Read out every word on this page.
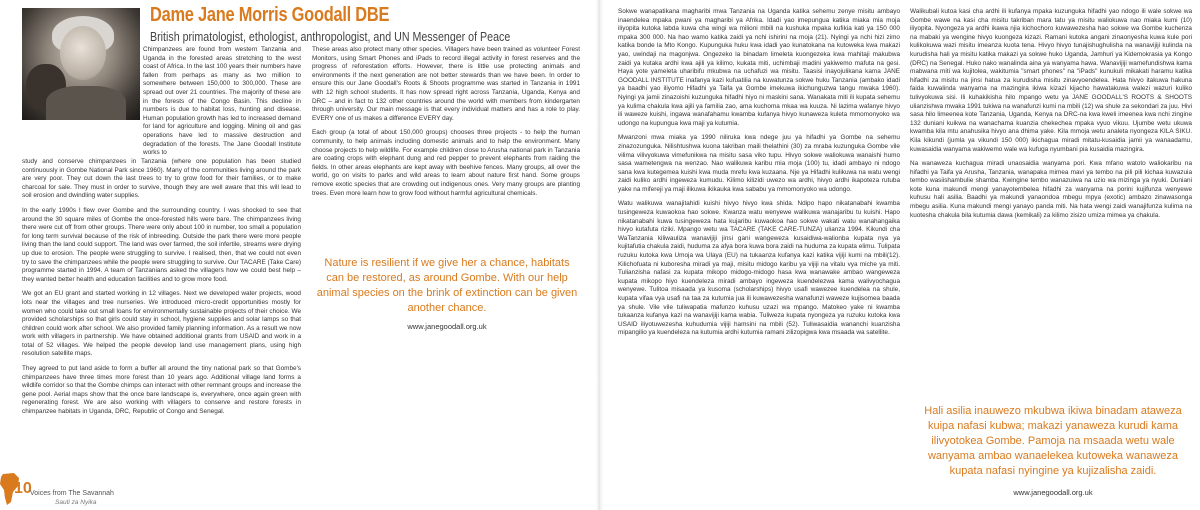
Dame Jane Morris Goodall DBE

British primatologist, ethologist, anthropologist, and UN Messenger of Peace

Chimpanzees are found from western Tanzania and Uganda in the forested areas stretching to the west coast of Africa. In the last 100 years their numbers have fallen from perhaps as many as two million to somewhere between 150,000 to 300,000. These are spread out over 21 countries. The majority of these are in the forests of the Congo Basin. This decline in numbers is due to habitat loss, hunting and disease. Human population growth has led to increased demand for land for agriculture and logging. Mining oil and gas operations have led to massive destruction and degradation of the forests. The Jane Goodall Institute works to

study and conserve chimpanzees in Tanzania (where one population has been studied continuously in Gombe National Park since 1960). Many of the communities living around the park are very poor. They cut down the last trees to try to grow food for their families, or to make charcoal for sale. They must in order to survive, though they are well aware that this will lead to soil erosion and dwindling water supplies.

In the early 1990s I flew over Gombe and the surrounding country. I was shocked to see that around the 30 square miles of Gombe the once-forested hills were bare. The chimpanzees living there were cut off from other groups. There were only about 100 in number, too small a population for long term survival because of the risk of inbreeding. Outside the park there were more people living than the land could support. The land was over farmed, the soil infertile, streams were drying up due to erosion. The people were struggling to survive. I realised, then, that we could not even try to save the chimpanzees while the people were struggling to survive. Our TACARE (Take Care) programme started in 1994. A team of Tanzanians asked the villagers how we could best help – they wanted better health and education facilities and to grow more food.

We got an EU grant and started working in 12 villages. Next we developed water projects, wood lots near the villages and tree nurseries. We introduced micro-credit opportunities mostly for women who could take out small loans for environmentally sustainable projects of their choice. We provided scholarships so that girls could stay in school, hygiene supplies and solar lamps so that children could work after school. We also provided family planning information. As a result we now work with villagers in partnership. We have obtained additional grants from USAID and work in a total of 52 villages. We helped the people develop land use management plans, using high resolution satellite maps.

They agreed to put land aside to form a buffer all around the tiny national park so that Gombe's chimpanzees have three times more forest than 10 years ago. Additional village land forms a wildlife corridor so that the Gombe chimps can interact with other remnant groups and increase the gene pool. Aerial maps show that the once bare landscape is, everywhere, once again green with regenerating forest. We are also working with villagers to conserve and restore forests in chimpanzee habitats in Uganda, DRC, Republic of Congo and Senegal.

These areas also protect many other species. Villagers have been trained as volunteer Forest Monitors, using Smart Phones and iPads to record illegal activity in forest reserves and the progress of reforestation efforts. However, there is little use protecting animals and environments if the next generation are not better stewards than we have been. In order to ensure this our Jane Goodall's Roots & Shoots programme was started in Tanzania in 1991 with 12 high school students. It has now spread right across Tanzania, Uganda, Kenya and DRC – and in fact to 132 other countries around the world with members from kindergarten through university. Our main message is that every individual matters and has a role to play. EVERY one of us makes a difference EVERY day.

Each group (a total of about 150,000 groups) chooses three projects - to help the human community, to help animals including domestic animals and to help the environment. Many choose projects to help wildlife. For example children close to Arusha national park in Tanzania are coating crops with elephant dung and red pepper to prevent elephants from raiding the fields. In other areas elephants are kept away with beehive fences. Many groups, all over the world, go on visits to parks and wild areas to learn about nature first hand. Some groups remove exotic species that are crowding out indigenous ones. Very many groups are planting trees. Even more learn how to grow food without harmful agricultural chemicals.

Nature is resilient if we give her a chance, habitats can be restored, as around Gombe. With our help animal species on the brink of extinction can be given another chance.

www.janegoodall.org.uk

10
Voices from The Savannah
Sauti za Nyika

Sokwe wanapatikana magharibi mwa Tanzania na Uganda katika sehemu zenye misitu ambayo inaendelea mpaka pwani ya magharibi ya Afrika. Idadi yao imepungua katika miaka mia moja iliyopita kutoka labda kuwa cha wingi wa milioni mbili na kushuka mpaka kufikia kati ya 150 000 mpaka 300 000. Na hao wamo katika zaidi ya nchi ishirini na moja (21). Nyingi ya nchi hizi zimo katika bonde la Mto Kongo. Kupunguka huku kwa idadi yao kunatokana na kutoweka kwa makazi yao, uwindaji na magonjwa. Ongezeko la binadam limeleta kuongezeka kwa mahitaji makubwa zaidi ya kutaka ardhi kwa ajili ya kilimo, kukata miti, uchimbaji madini yakiwemo mafuta na gesi. Haya yote yameleta uharibifu mkubwa na uchafuzi wa misitu. Taasisi inayojulikana kama JANE GOODALL INSTITUTE inafanya kazi kufuatilia na kuwatunza sokwe huku Tanzania (ambako idadi ya baadhi yao iliyomo Hifadhi ya Taifa ya Gombe imekuwa ikichunguzwa tangu mwaka 1960). Nyingi ya jamii zinazoishi kuzunguka hifadhi hiyo ni maskini sana. Wanakata miti ili kupata sehemu ya kulima chakula kwa ajili ya familia zao, ama kuchoma mkaa wa kuuza. Ni lazima wafanye hivyo ili waweze kuishi, ingawa wanafahamu kwamba kufanya hivyo kunaweza kuleta mmomonyoko wa udongo na kupungua kwa maji ya kutumia.

Mwanzoni mwa miaka ya 1990 niliruka kwa ndege juu ya hifadhi ya Gombe na sehemu zinazozunguka. Nilishtushwa kuona takriban maili thelathini (30) za mraba kuzunguka Gombe vile vilima vilivyokuwa vimefunikwa na misitu sasa viko tupu. Hivyo sokwe waliokuwa wanaishi humo sasa wametengwa na wenzao. Nao walikuwa karibu mia moja (100) tu, idadi ambayo ni ndogo sana kwa kutegemea kuishi kwa muda mrefu kwa kuzaana. Nje ya Hifadhi kulikuwa na watu wengi zaidi kuliko ardhi ingeweza kumudu. Kilimo kilizidi uwezo wa ardhi, hivyo ardhi ikapoteza rutuba yake na mifereji ya maji ilikuwa ikikauka kwa sababu ya mmomonyoko wa udongo.

Watu walikuwa wanajitahidi kuishi hivyo hivyo kwa shida. Ndipo hapo nikatanabahi kwamba tusingeweza kuwaokoa hao sokwe. Kwanza watu wenyewe walikuwa wanajaribu tu kuishi. Hapo nikatanabahi kuwa tusingeweza hata kujaribu kuwaokoa hao sokwe wakati watu wanahangaika hivyo kutafuta riziki. Mpango wetu wa TACARE (TAKE CARE-TUNZA) ulianza 1994. Kikundi cha WaTanzania kiliwauliza wanavijiji jinsi gani wangeweza kusaidiwa-walionba kupata nya ya kujitafutia chakula zaidi, huduma za afya bora kuwa bora zaidi na huduma za kupata elimu. Tulipata ruzuku kutoka kwa Umoja wa Ulaya (EU) na tukaanza kufanya kazi katika vijiji kumi na mbili(12). Kilichofuata ni kuboresha miradi ya maji, misitu midogo karibu ya vijiji na vitalu vya miche ya miti. Tulianzisha nafasi za kupata mikopo midogo-midogo hasa kwa wanawake ambao wangeweza kupata mikopo hiyo kuendeleza miradi ambayo ingeweza kuendelezwa kama walivyochagua wenyewe. Tulitoa misaada ya kusoma (scholarships) hivyo usafi wawezee kuendelea na shule, kupata vifaa vya usafi na taa za kutumia jua ili kuwawezesha wanafunzi waweze kujisomea baada ya shule. Vile vile tuliwapatia mafunzo kuhusu uzazi wa mpango. Matokeo yake ni kwamba tukaanza kufanya kazi na wanavijiji kama wabia. Tuliweza kupata nyongeza ya ruzuku kutoka kwa USAID iliyotuwezesha kuhudumia vijiji hamsini na mbili (52). Tuliwasaidia wananchi kuanzisha mipangilio ya kuendeleza na kutumia ardhi kutumia ramani zilizopigwa kwa msaada wa satellite.

Walikubali kutoa kasi cha ardhi ili kufanya mpaka kuzunguka hifadhi yao ndogo ili wale sokwe wa Gombe wawe na kasi cha misitu takriban mara tatu ya misitu waliokuwa nao miaka kumi (10) iliyopita. Nyongeza ya ardhi ikawa njia kichochoro kuwawezesha hao sokwe wa Gombe kuchenza na mabaki ya wengine hivyo kuongeza kizazi. Ramani kutoka angani zinaonyesha kuwa kule pori kulikokuwa wazi misitu imeanza kuota tena. Hivyo hivyo tunajishughulisha na wanavijiji kulinda na kurudisha hali ya misitu katika makazi ya sokwe huko Uganda, Jamhuri ya Kidemokrasia ya Kongo (DRC) na Senegal. Huko nako wanalinda aina ya wanyama hawa. Wanavijiji wamefundishwa kama mabwana miti wa kujitolea, wakitumia "smart phones" na "iPads" kunukuli mikakati haramu katika hifadhi za misitu na jinsi hatua za kurudisha misitu zinavyoendelea. Hata hivyo itakuwa hakuna faida kuwalinda wanyama na mazingira ikiwa kizazi kijacho hawatakuwa walezi wazuri kuliko tulivyokuwa sisi. Ili kuhakikisha hilo mpango wetu ya JANE GOODALL'S ROOTS & SHOOTS ulianzishwa mwaka 1991 tukiwa na wanafunzi kumi na mbili (12) wa shule za sekondari za juu. Hivi sasa hilo limeenea kote Tanzania, Uganda, Kenya na DRC-na kwa kweli imeenea kwa nchi zingine 132 duniani kuikwa na wanachama kuanzia chekechea mpaka vyuo vikuu. Ujumbe wetu ukuwa kwamba kila mtu anahusika hivyo ana dhima yake. Kila mmoja wetu analeta nyongeza KILA SIKU. Kila kikundi (jumla ya vikundi 150 000) ikichagua miradi mitatu-kusaidia jamii ya wanaadamu, kuwasaidia wanyama wakiwemo wale wa kufuga nyumbani pia kusaidia mazingira.

Na wanaweza kuchagua miradi unaosaidia wanyama pori. Kwa mfano watoto waliokaribu na hifadhi ya Taifa ya Arusha, Tanzania, wanapaka mimea mavi ya tembo na pili pili kichaa kuwazuia tembo wasiishambulie shamba. Kwingine tembo wanazuiwa na uzio wa mizinga ya nyuki. Duniani kote kuna makundi mengi yanayotembelea hifadhi za wanyama na porini kujifunza wenyewe kuhusu hali asilia. Baadhi ya makundi yanaondoa mbegu mpya (exotic) ambazo zinawasonga mbegu asilia. Kuna makundi mengi yanayo panda miti. Na hata wengi zaidi wanajifunza kulima na kuotesha chakula bila kutumia dawa (kemikali) za kilimo zisizo umiza mimea ya chakula.

Hali asilia inauwezo mkubwa ikiwa binadam ataweza kuipa nafasi kubwa; makazi yanaweza kurudi kama ilivyotokea Gombe. Pamoja na msaada wetu wale wanyama ambao wanaelekea kutoweka wanaweza kupata nafasi nyingine ya kujizalisha zaidi.

www.janegoodall.org.uk
